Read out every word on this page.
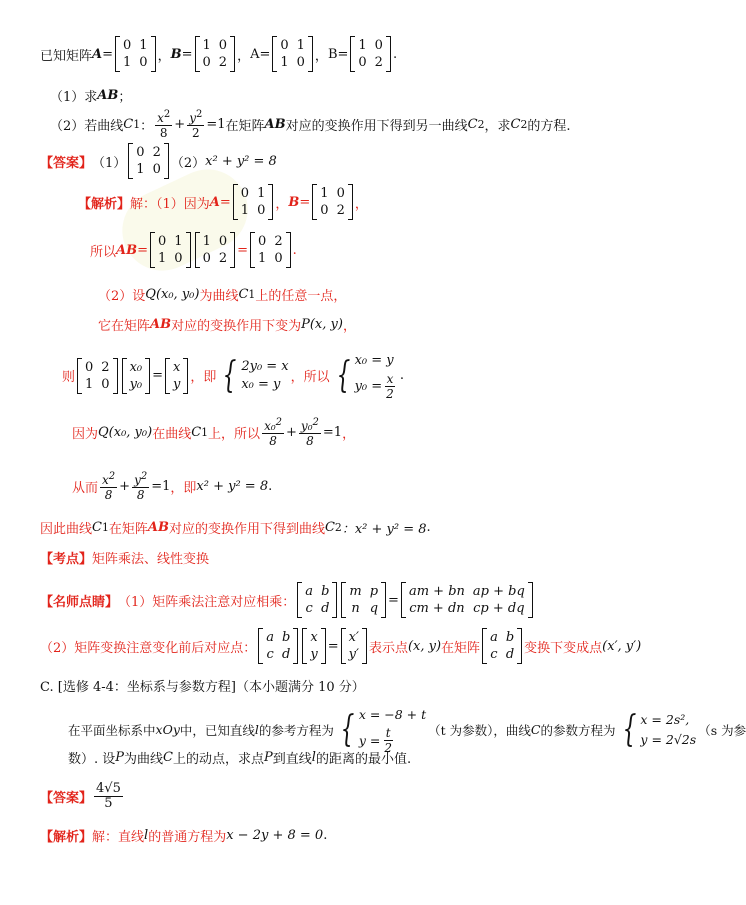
已知矩阵 A =
0 1
1 0 ， B =
1 0
0 2 ， A=
0 1
1 0 ， B=
1 0
0 2
.
（1）求 AB ；
（2）若曲线 C 1 ： $\frac{x^2}{8} + \frac{y^2}{2} =1$ 在矩阵 AB 对应的变换作用下得到另一曲线 C 2 ，求 C 2 的方程.
【答案】 （1）
0 2
1 0 （2） x² + y² = 8
【解析】 解：（1）因为 A =
0 1
1 0 ， B =
1 0
0 2 ，
所以 AB =
0 1
1 0
1 0
0 2
=
0 2
1 0
.
（2）设 Q(x₀, y₀) 为曲线 C 1 上的任意一点，
它在矩阵 AB 对应的变换作用下变为 P(x, y) ，
则
0 2
1 0
x₀
y₀
=
x
y ，即 { 2y₀ = x
x₀ = y ，所以 { x₀ = y
$y_0 = \frac{x}{2}$ .
因为 Q(x₀, y₀) 在曲线 C 1 上，所以 $\frac{x_0^2}{8} + \frac{y_0^2}{8} =1$ ，
从而 $\frac{x^2}{8} + \frac{y^2}{8} =1$ ，即 x² + y² = 8 .
因此曲线 C 1 在矩阵 AB 对应的变换作用下得到曲线 C 2 ：x² + y² = 8 .
【考点】 矩阵乘法、线性变换
【名师点睛】 （1）矩阵乘法注意对应相乘：
a b
c d
m p
n q
=
am + bn ap + bq
cm + dn cp + dq
（2）矩阵变换注意变化前后对应点：
a b
c d
x
y
=
x′
y′ 表示点 (x, y) 在矩阵
a b
c d 变换下变成点 (x′, y′)
C. [选修 4-4：坐标系与参数方程]（本小题满分 10 分）
在平面坐标系中 xOy 中，已知直线 l 的参考方程为 { x = −8 + t
$y = \frac{t}{2}$	（t 为参数），曲线 C 的参数方程为 { x = 2s²,
y = 2√2s
（s 为参
数）. 设 P 为曲线 C 上的动点，求点 P 到直线 l 的距离的最小值.
【答案】 $\frac{4√5}{5}$
【解析】 解：直线 l 的普通方程为 x − 2y + 8 = 0 .
